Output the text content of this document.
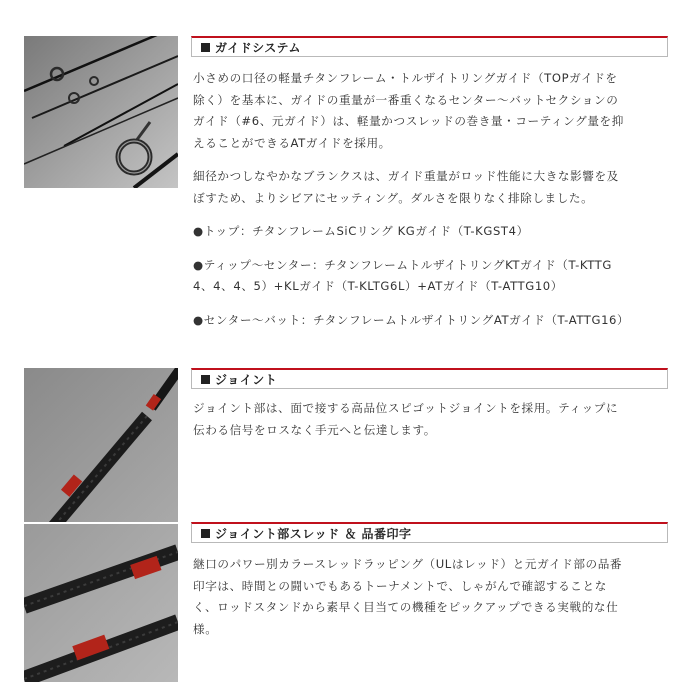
ガイドシステム

小さめの口径の軽量チタンフレーム・トルザイトリングガイド（TOPガイドを
除く）を基本に、ガイドの重量が一番重くなるセンター～バットセクションの
ガイド（#6、元ガイド）は、軽量かつスレッドの巻き量・コーティング量を抑
えることができるATガイドを採用。

細径かつしなやかなブランクスは、ガイド重量がロッド性能に大きな影響を及
ぼすため、よりシビアにセッティング。ダルさを限りなく排除しました。

●トップ：チタンフレームSiCリング KGガイド（T-KGST4）

●ティップ～センター：チタンフレームトルザイトリングKTガイド（T-KTTG
4、4、4、5）+KLガイド（T-KLTG6L）+ATガイド（T-ATTG10）

●センター～バット：チタンフレームトルザイトリングATガイド（T-ATTG16）

ジョイント

ジョイント部は、面で接する高品位スピゴットジョイントを採用。ティップに
伝わる信号をロスなく手元へと伝達します。

ジョイント部スレッド ＆ 品番印字

継口のパワー別カラースレッドラッピング（ULはレッド）と元ガイド部の品番
印字は、時間との闘いでもあるトーナメントで、しゃがんで確認することな
く、ロッドスタンドから素早く目当ての機種をピックアップできる実戦的な仕
様。
